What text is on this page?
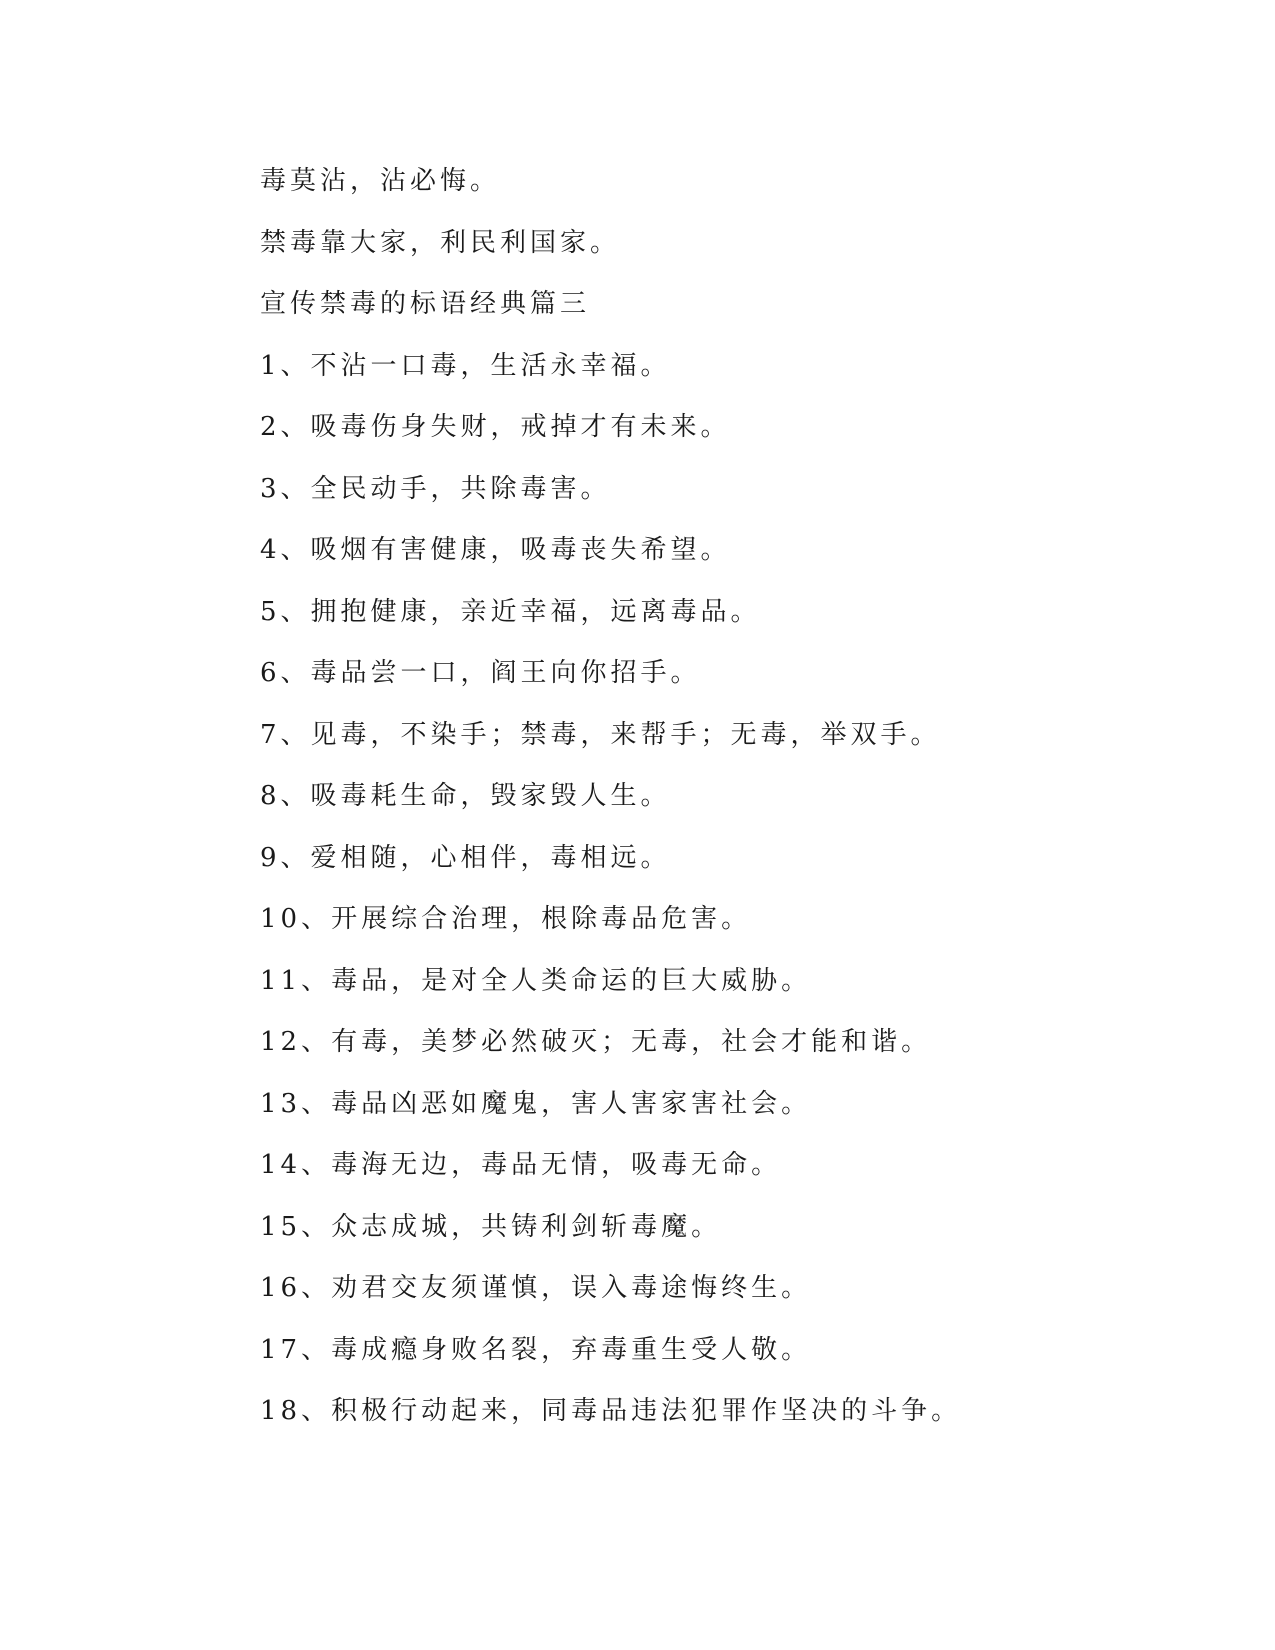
毒莫沾，沾必悔。
禁毒靠大家，利民利国家。
宣传禁毒的标语经典篇三
1、不沾一口毒，生活永幸福。
2、吸毒伤身失财，戒掉才有未来。
3、全民动手，共除毒害。
4、吸烟有害健康，吸毒丧失希望。
5、拥抱健康，亲近幸福，远离毒品。
6、毒品尝一口，阎王向你招手。
7、见毒，不染手；禁毒，来帮手；无毒，举双手。
8、吸毒耗生命，毁家毁人生。
9、爱相随，心相伴，毒相远。
10、开展综合治理，根除毒品危害。
11、毒品，是对全人类命运的巨大威胁。
12、有毒，美梦必然破灭；无毒，社会才能和谐。
13、毒品凶恶如魔鬼，害人害家害社会。
14、毒海无边，毒品无情，吸毒无命。
15、众志成城，共铸利剑斩毒魔。
16、劝君交友须谨慎，误入毒途悔终生。
17、毒成瘾身败名裂，弃毒重生受人敬。
18、积极行动起来，同毒品违法犯罪作坚决的斗争。
